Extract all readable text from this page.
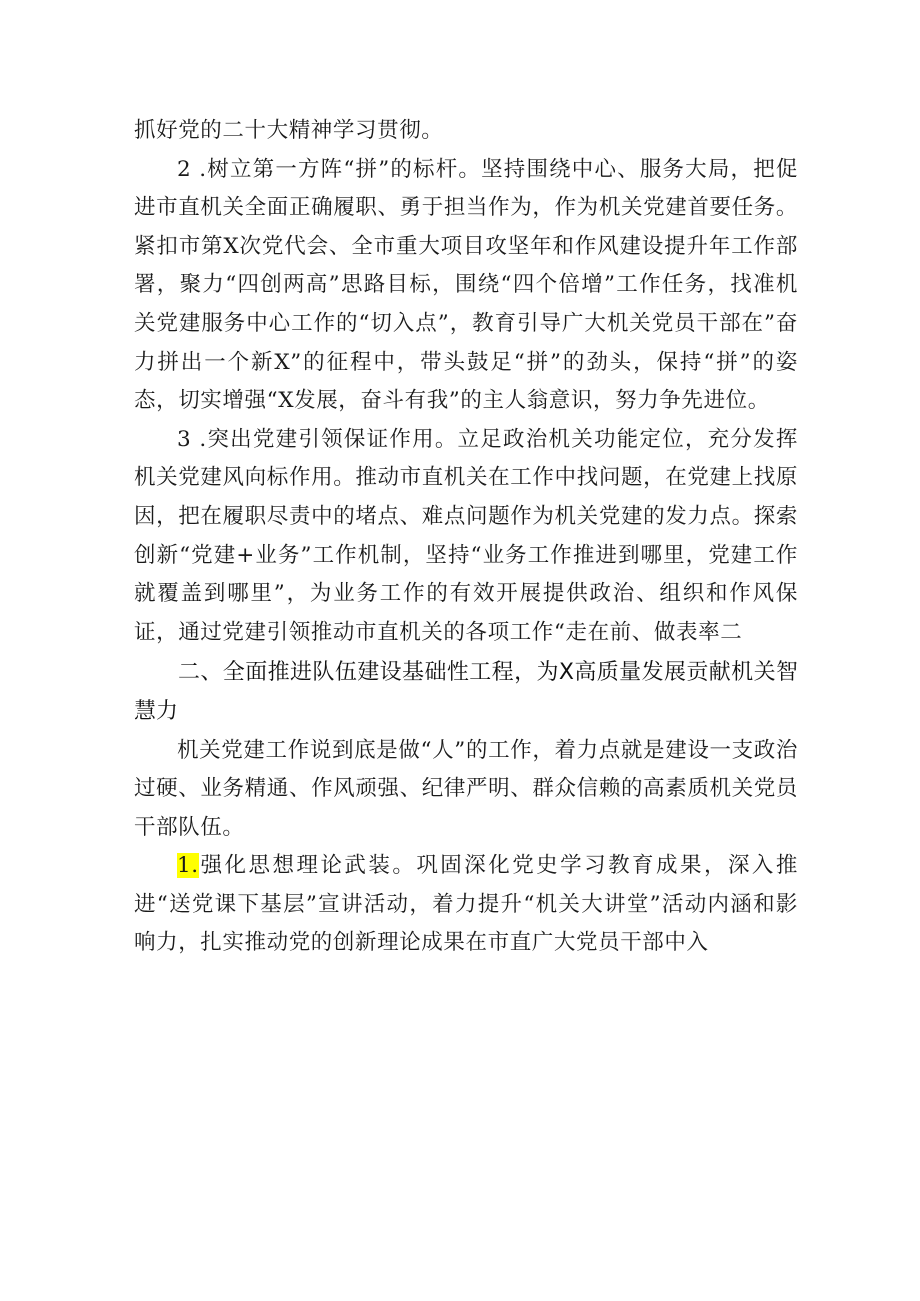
抓好党的二十大精神学习贯彻。

2 .树立第一方阵“拼”的标杆。坚持围绕中心、服务大局，把促进市直机关全面正确履职、勇于担当作为，作为机关党建首要任务。紧扣市第X次党代会、全市重大项目攻坚年和作风建设提升年工作部署，聚力“四创两高”思路目标，围绕“四个倍增”工作任务，找准机关党建服务中心工作的“切入点”，教育引导广大机关党员干部在”奋力拼出一个新X”的征程中，带头鼓足“拼”的劲头，保持“拼”的姿态，切实增强“X发展，奋斗有我”的主人翁意识，努力争先进位。

3 .突出党建引领保证作用。立足政治机关功能定位，充分发挥机关党建风向标作用。推动市直机关在工作中找问题，在党建上找原因，把在履职尽责中的堵点、难点问题作为机关党建的发力点。探索创新“党建+业务”工作机制，坚持“业务工作推进到哪里，党建工作就覆盖到哪里”，为业务工作的有效开展提供政治、组织和作风保证，通过党建引领推动市直机关的各项工作“走在前、做表率二

二、全面推进队伍建设基础性工程，为X高质量发展贡献机关智慧力

机关党建工作说到底是做“人”的工作，着力点就是建设一支政治过硬、业务精通、作风顽强、纪律严明、群众信赖的高素质机关党员干部队伍。

1.强化思想理论武装。巩固深化党史学习教育成果，深入推进“送党课下基层”宣讲活动，着力提升“机关大讲堂”活动内涵和影响力，扎实推动党的创新理论成果在市直广大党员干部中入
